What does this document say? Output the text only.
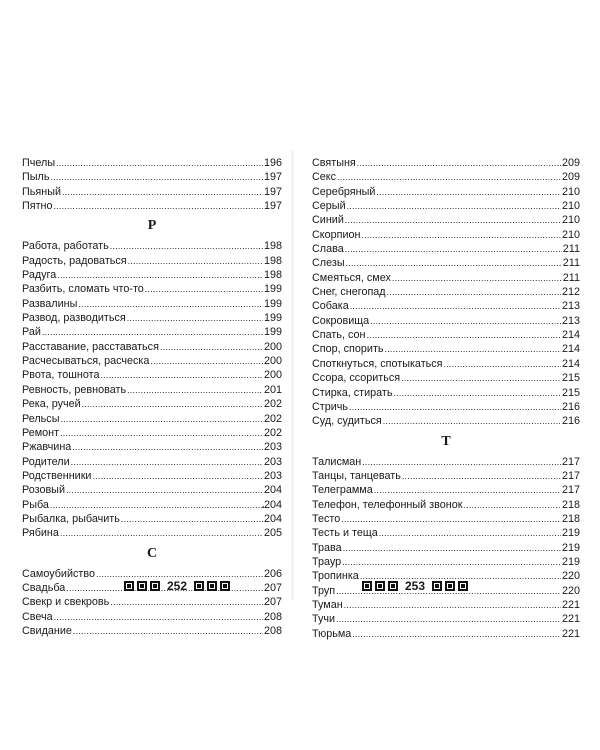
Пчелы .....	196
Пыль .....	197
Пьяный .....	197
Пятно .....	197
Р
Работа, работать .....	198
Радость, радоваться .....	198
Радуга .....	198
Разбить, сломать что-то .....	199
Развалины .....	199
Развод, разводиться .....	199
Рай .....	199
Расставание, расставаться .....	200
Расчесываться, расческа .....	200
Рвота, тошнота .....	200
Ревность, ревновать .....	201
Река, ручей .....	202
Рельсы .....	202
Ремонт .....	202
Ржавчина .....	203
Родители .....	203
Родственники .....	203
Розовый .....	204
Рыба .....	204
Рыбалка, рыбачить .....	204
Рябина .....	205
С
Самоубийство .....	206
Свадьба .....	207
Свекр и свекровь .....	207
Свеча .....	208
Свидание .....	208
.
252
Святыня .....	209
Секс .....	209
Серебряный .....	210
Серый .....	210
Синий .....	210
Скорпион .....	210
Слава .....	211
Слезы .....	211
Смеяться, смех .....	211
Снег, снегопад .....	212
Собака .....	213
Сокровища .....	213
Спать, сон .....	214
Спор, спорить .....	214
Споткнуться, спотыкаться .....	214
Ссора, ссориться .....	215
Стирка, стирать .....	215
Стричь .....	216
Суд, судиться .....	216
Т
Талисман .....	217
Танцы, танцевать .....	217
Телеграмма .....	217
Телефон, телефонный звонок .....	218
Тесто .....	218
Тесть и теща .....	219
Трава .....	219
Траур .....	219
Тропинка .....	220
Труп .....	220
Туман .....	221
Тучи .....	221
Тюрьма .....	221
253
